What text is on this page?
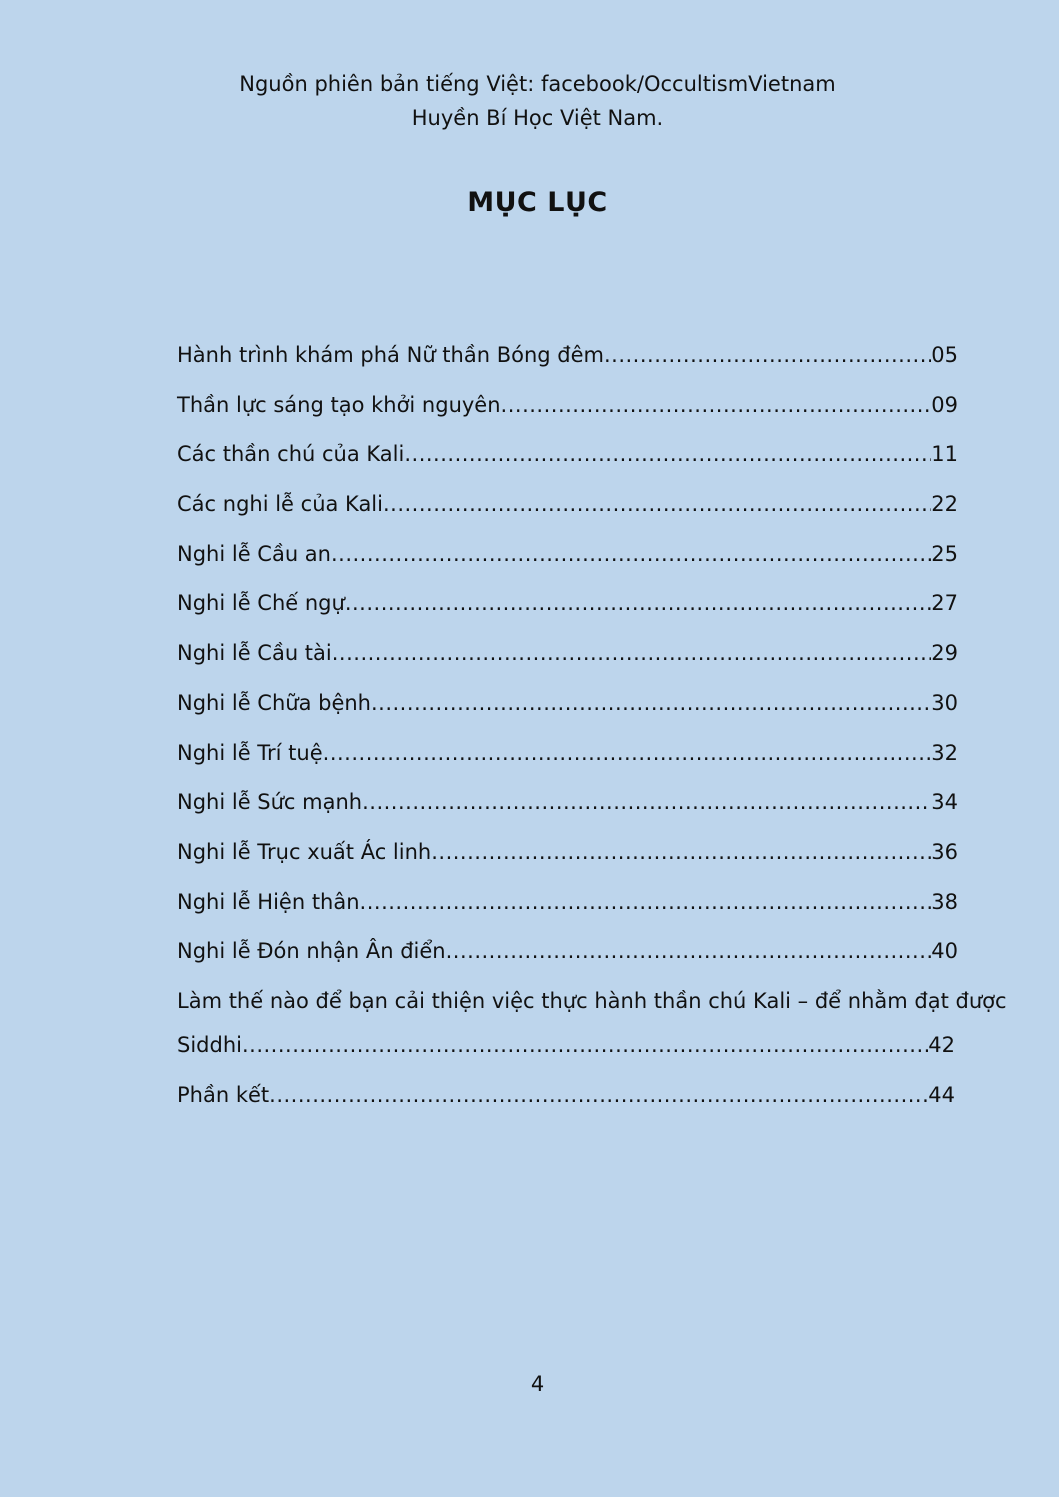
Nguồn phiên bản tiếng Việt: facebook/OccultismVietnam
Huyền Bí Học Việt Nam.
MỤC LỤC
Hành trình khám phá Nữ thần Bóng đêm .....	05
Thần lực sáng tạo khởi nguyên .....	09
Các thần chú của Kali .....	11
Các nghi lễ của Kali .....	22
Nghi lễ Cầu an .....	25
Nghi lễ Chế ngự .....	27
Nghi lễ Cầu tài .....	29
Nghi lễ Chữa bệnh .....	30
Nghi lễ Trí tuệ .....	32
Nghi lễ Sức mạnh .....	34
Nghi lễ Trục xuất Ác linh .....	36
Nghi lễ Hiện thân .....	38
Nghi lễ Đón nhận Ân điển .....	40
Làm thế nào để bạn cải thiện việc thực hành thần chú Kali – để nhằm đạt được
Siddhi .....	42
Phần kết .....	44
4
